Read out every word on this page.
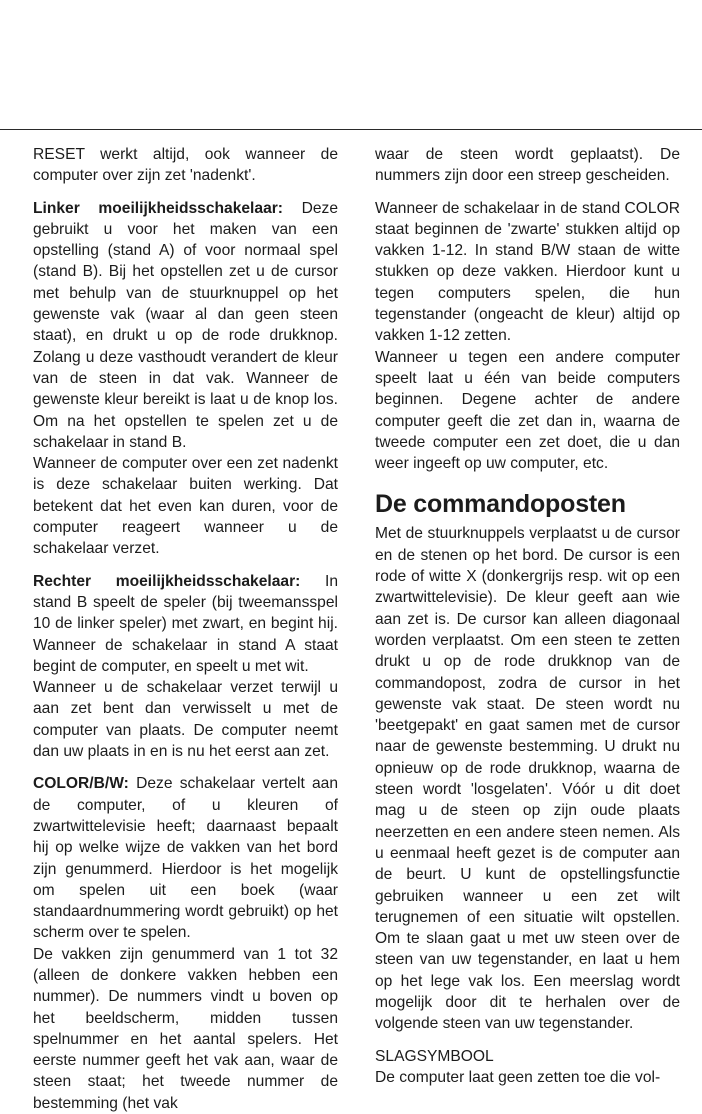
RESET werkt altijd, ook wanneer de computer over zijn zet 'nadenkt'.

Linker moeilijkheidsschakelaar: Deze gebruikt u voor het maken van een opstelling (stand A) of voor normaal spel (stand B). Bij het opstellen zet u de cursor met behulp van de stuurknuppel op het gewenste vak (waar al dan geen steen staat), en drukt u op de rode drukknop. Zolang u deze vasthoudt verandert de kleur van de steen in dat vak. Wanneer de gewenste kleur bereikt is laat u de knop los. Om na het opstellen te spelen zet u de schakelaar in stand B.

Wanneer de computer over een zet nadenkt is deze schakelaar buiten werking. Dat betekent dat het even kan duren, voor de computer reageert wanneer u de schakelaar verzet.

Rechter moeilijkheidsschakelaar: In stand B speelt de speler (bij tweemansspel 10 de linker speler) met zwart, en begint hij. Wanneer de schakelaar in stand A staat begint de computer, en speelt u met wit.

Wanneer u de schakelaar verzet terwijl u aan zet bent dan verwisselt u met de computer van plaats. De computer neemt dan uw plaats in en is nu het eerst aan zet.

COLOR/B/W: Deze schakelaar vertelt aan de computer, of u kleuren of zwartwittelevisie heeft; daarnaast bepaalt hij op welke wijze de vakken van het bord zijn genummerd. Hierdoor is het mogelijk om spelen uit een boek (waar standaardnummering wordt gebruikt) op het scherm over te spelen.

De vakken zijn genummerd van 1 tot 32 (alleen de donkere vakken hebben een nummer). De nummers vindt u boven op het beeldscherm, midden tussen spelnummer en het aantal spelers. Het eerste nummer geeft het vak aan, waar de steen staat; het tweede nummer de bestemming (het vak

waar de steen wordt geplaatst). De nummers zijn door een streep gescheiden.

Wanneer de schakelaar in de stand COLOR staat beginnen de 'zwarte' stukken altijd op vakken 1-12. In stand B/W staan de witte stukken op deze vakken. Hierdoor kunt u tegen computers spelen, die hun tegenstander (ongeacht de kleur) altijd op vakken 1-12 zetten.

Wanneer u tegen een andere computer speelt laat u één van beide computers beginnen. Degene achter de andere computer geeft die zet dan in, waarna de tweede computer een zet doet, die u dan weer ingeeft op uw computer, etc.

De commandoposten

Met de stuurknuppels verplaatst u de cursor en de stenen op het bord. De cursor is een rode of witte X (donkergrijs resp. wit op een zwartwittelevisie). De kleur geeft aan wie aan zet is. De cursor kan alleen diagonaal worden verplaatst. Om een steen te zetten drukt u op de rode drukknop van de commandopost, zodra de cursor in het gewenste vak staat. De steen wordt nu 'beetgepakt' en gaat samen met de cursor naar de gewenste bestemming. U drukt nu opnieuw op de rode drukknop, waarna de steen wordt 'losgelaten'. Vóór u dit doet mag u de steen op zijn oude plaats neerzetten en een andere steen nemen. Als u eenmaal heeft gezet is de computer aan de beurt. U kunt de opstellingsfunctie gebruiken wanneer u een zet wilt terugnemen of een situatie wilt opstellen. Om te slaan gaat u met uw steen over de steen van uw tegenstander, en laat u hem op het lege vak los. Een meerslag wordt mogelijk door dit te herhalen over de volgende steen van uw tegenstander.

SLAGSYMBOOL

De computer laat geen zetten toe die vol-
